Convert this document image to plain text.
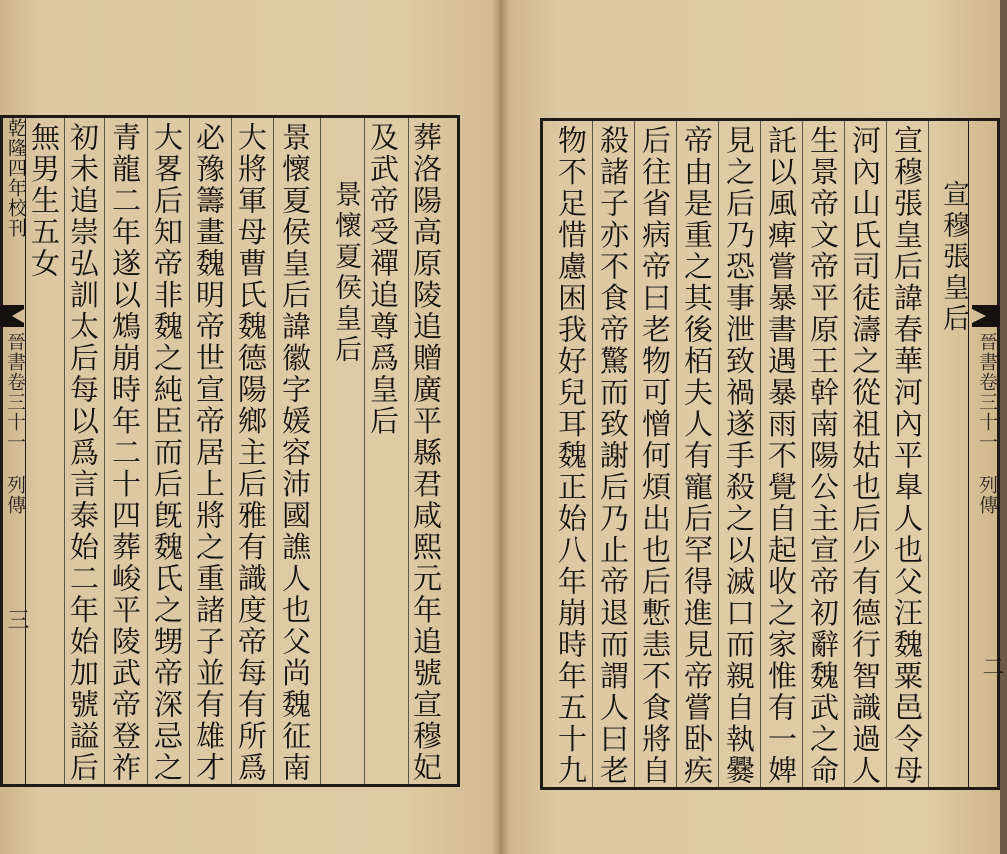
乾隆四年校刊
晉書卷三十一 列傳
三	葬洛陽高原陵追贈廣平縣君咸熙元年追號宣穆妃
及武帝受禪追尊爲皇后
景懷夏侯皇后
景懷夏侯皇后諱徽字媛容沛國譙人也父尚魏征南
大將軍母曹氏魏德陽鄉主后雅有識度帝每有所爲
必豫籌畫魏明帝世宣帝居上將之重諸子並有雄才
大畧后知帝非魏之純臣而后旣魏氏之甥帝深忌之
青龍二年遂以鴆崩時年二十四葬峻平陵武帝登祚
初未追崇弘訓太后每以爲言泰始二年始加號謚后
無男生五女
晉書卷三十一 列傳
二
宣穆張皇后
宣穆張皇后諱春華河內平臯人也父汪魏粟邑令母
河內山氏司徒濤之從祖姑也后少有德行智識過人
生景帝文帝平原王幹南陽公主宣帝初辭魏武之命
託以風痺嘗暴書遇暴雨不覺自起收之家惟有一婢
見之后乃恐事泄致禍遂手殺之以滅口而親自執爨
帝由是重之其後栢夫人有寵后罕得進見帝嘗卧疾
后往省病帝曰老物可憎何煩出也后慙恚不食將自
殺諸子亦不食帝驚而致謝后乃止帝退而謂人曰老
物不足惜慮困我好兒耳魏正始八年崩時年五十九
